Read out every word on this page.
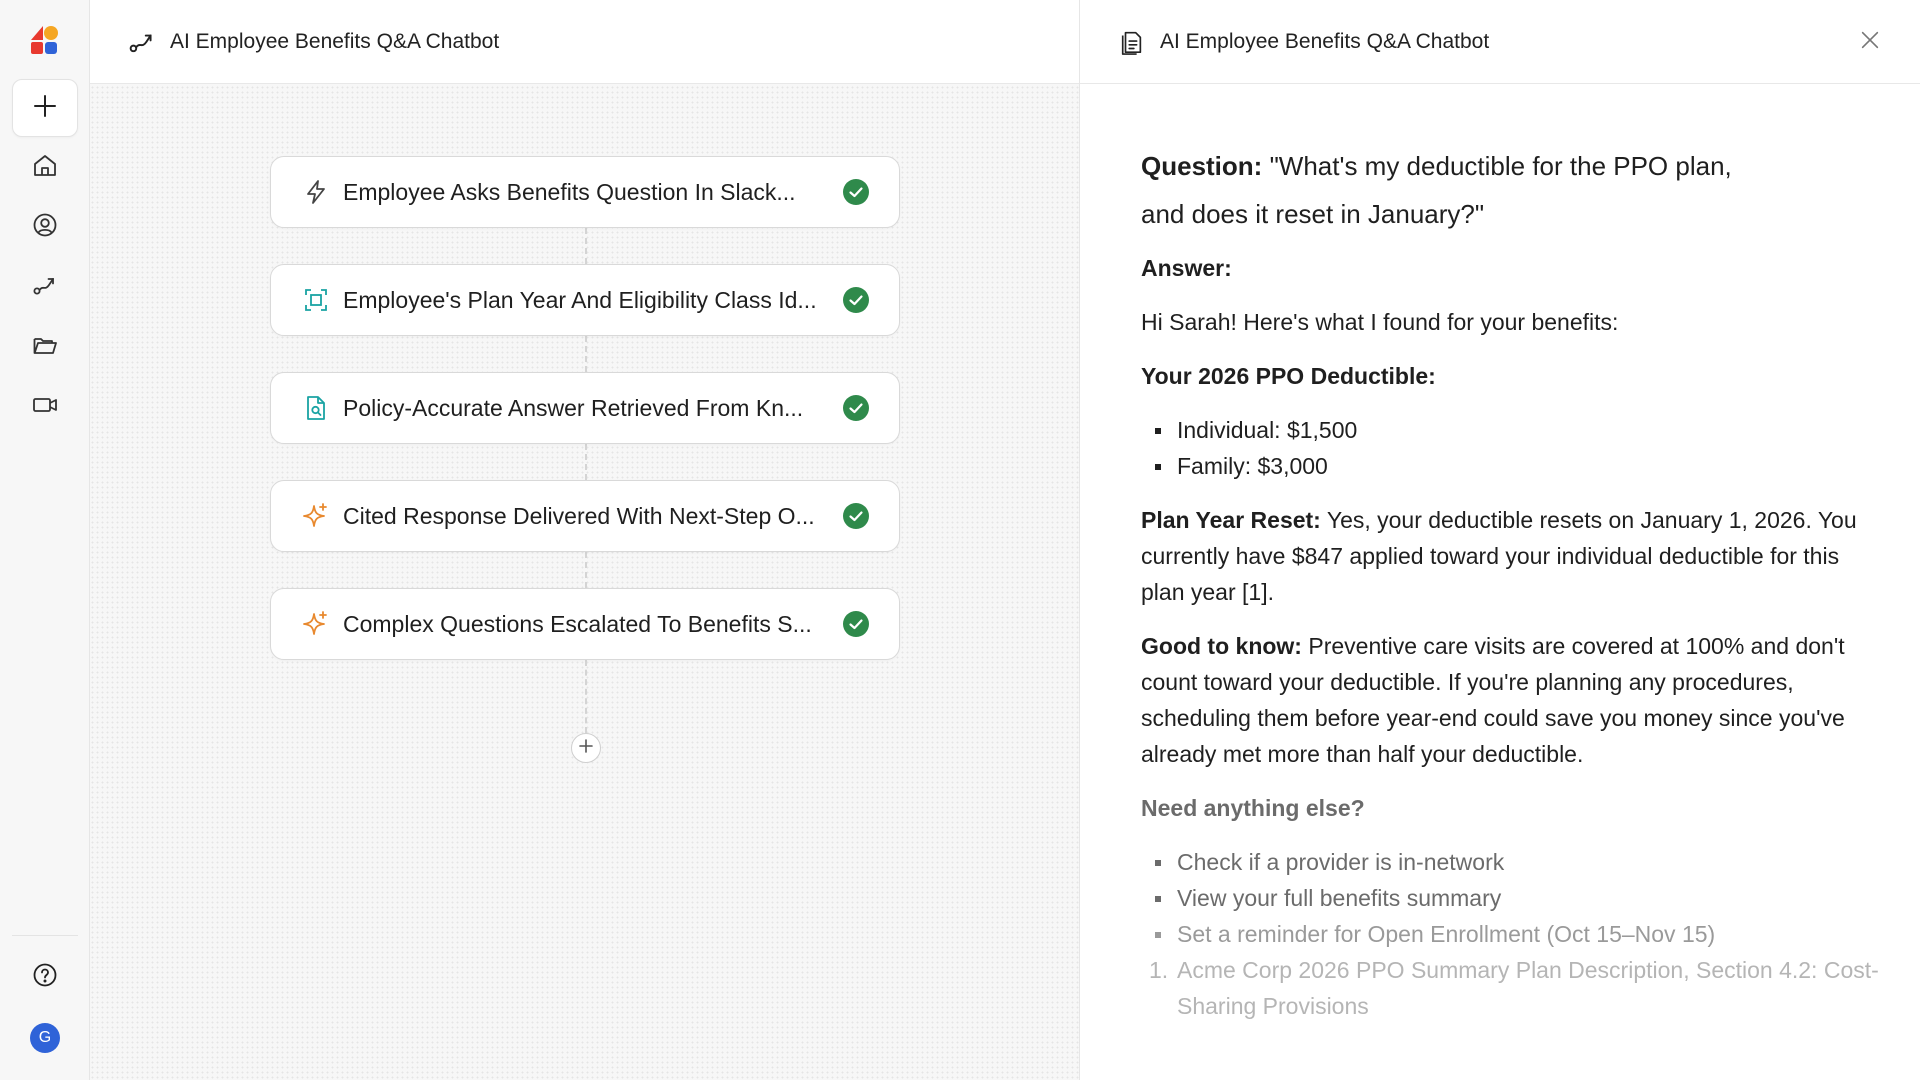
G
AI Employee Benefits Q&A Chatbot
Employee Asks Benefits Question In Slack...
Employee's Plan Year And Eligibility Class Id...
Policy-Accurate Answer Retrieved From Kn...
Cited Response Delivered With Next-Step O...
Complex Questions Escalated To Benefits S...
AI Employee Benefits Q&A Chatbot
Question: "What's my deductible for the PPO plan,
and does it reset in January?"

Answer:

Hi Sarah! Here's what I found for your benefits:

Your 2026 PPO Deductible:

Individual: $1,500
Family: $3,000

Plan Year Reset: Yes, your deductible resets on January 1, 2026. You currently have $847 applied toward your individual deductible for this plan year [1].

Good to know: Preventive care visits are covered at 100% and don't count toward your deductible. If you're planning any procedures, scheduling them before year-end could save you money since you've already met more than half your deductible.

Need anything else?

Check if a provider is in-network
View your full benefits summary
Set a reminder for Open Enrollment (Oct 15–Nov 15)
1. Acme Corp 2026 PPO Summary Plan Description, Section 4.2: Cost-Sharing Provisions
